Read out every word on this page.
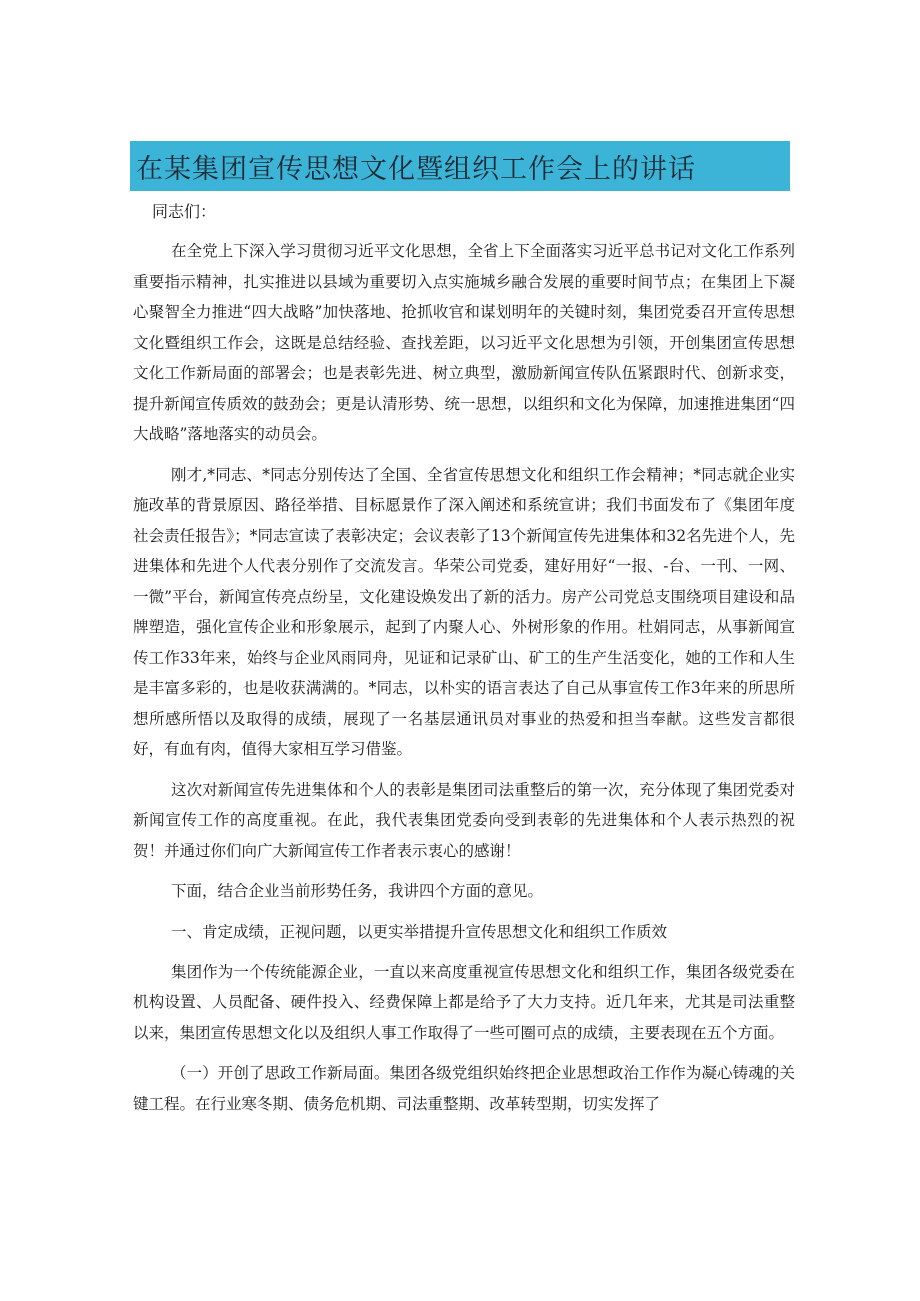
在某集团宣传思想文化暨组织工作会上的讲话

同志们：

在全党上下深入学习贯彻习近平文化思想，全省上下全面落实习近平总书记对文化工作系列重要指示精神，扎实推进以县域为重要切入点实施城乡融合发展的重要时间节点；在集团上下凝心聚智全力推进“四大战略”加快落地、抢抓收官和谋划明年的关键时刻，集团党委召开宣传思想文化暨组织工作会，这既是总结经验、查找差距，以习近平文化思想为引领，开创集团宣传思想文化工作新局面的部署会；也是表彰先进、树立典型，激励新闻宣传队伍紧跟时代、创新求变，提升新闻宣传质效的鼓劲会；更是认清形势、统一思想，以组织和文化为保障，加速推进集团“四大战略”落地落实的动员会。

刚才,*同志、*同志分别传达了全国、全省宣传思想文化和组织工作会精神；*同志就企业实施改革的背景原因、路径举措、目标愿景作了深入阐述和系统宣讲；我们书面发布了《集团年度社会责任报告》；*同志宣读了表彰决定；会议表彰了13个新闻宣传先进集体和32名先进个人，先进集体和先进个人代表分别作了交流发言。华荣公司党委，建好用好“一报、-台、一刊、一网、一微”平台，新闻宣传亮点纷呈，文化建设焕发出了新的活力。房产公司党总支围绕项目建设和品牌塑造，强化宣传企业和形象展示，起到了内聚人心、外树形象的作用。杜娟同志，从事新闻宣传工作33年来，始终与企业风雨同舟，见证和记录矿山、矿工的生产生活变化，她的工作和人生是丰富多彩的，也是收获满满的。*同志，以朴实的语言表达了自己从事宣传工作3年来的所思所想所感所悟以及取得的成绩，展现了一名基层通讯员对事业的热爱和担当奉献。这些发言都很好，有血有肉，值得大家相互学习借鉴。

这次对新闻宣传先进集体和个人的表彰是集团司法重整后的第一次，充分体现了集团党委对新闻宣传工作的高度重视。在此，我代表集团党委向受到表彰的先进集体和个人表示热烈的祝贺！并通过你们向广大新闻宣传工作者表示衷心的感谢！

下面，结合企业当前形势任务，我讲四个方面的意见。

一、肯定成绩，正视问题，以更实举措提升宣传思想文化和组织工作质效

集团作为一个传统能源企业，一直以来高度重视宣传思想文化和组织工作，集团各级党委在机构设置、人员配备、硬件投入、经费保障上都是给予了大力支持。近几年来，尤其是司法重整以来，集团宣传思想文化以及组织人事工作取得了一些可圈可点的成绩，主要表现在五个方面。

（一）开创了思政工作新局面。集团各级党组织始终把企业思想政治工作作为凝心铸魂的关键工程。在行业寒冬期、债务危机期、司法重整期、改革转型期，切实发挥了
